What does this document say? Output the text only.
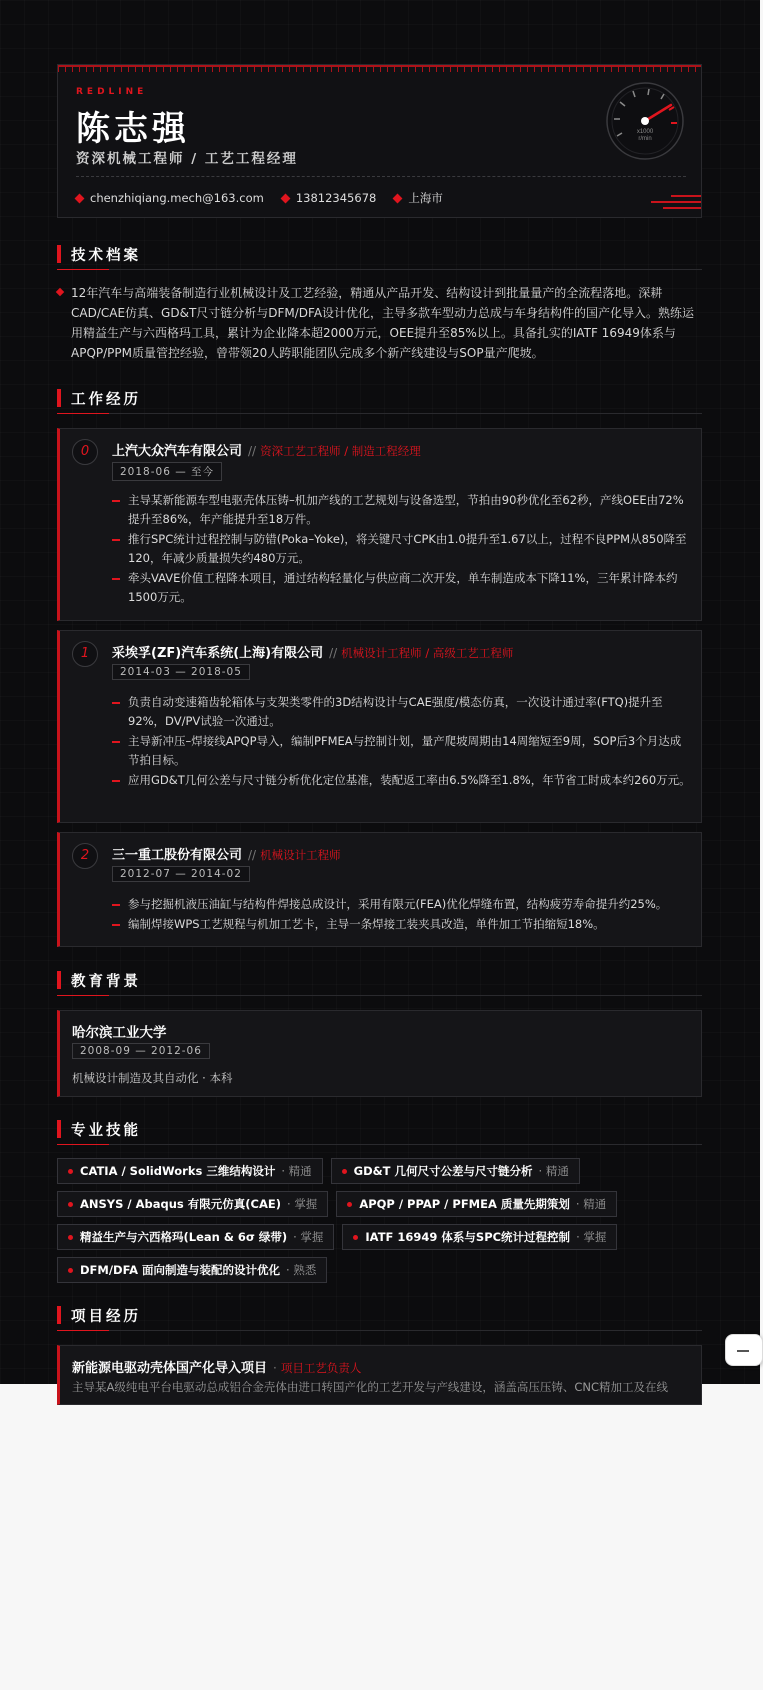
REDLINE
陈志强
资深机械工程师 / 工艺工程经理
chenzhiqiang.mech@163.com	13812345678	上海市
x1000
r/min
技术档案

12年汽车与高端装备制造行业机械设计及工艺经验，精通从产品开发、结构设计到批量量产的全流程落地。深耕CAD/CAE仿真、GD&T尺寸链分析与DFM/DFA设计优化，主导多款车型动力总成与车身结构件的国产化导入。熟练运用精益生产与六西格玛工具，累计为企业降本超2000万元，OEE提升至85%以上。具备扎实的IATF 16949体系与APQP/PPM质量管控经验，曾带领20人跨职能团队完成多个新产线建设与SOP量产爬坡。

工作经历
0	上汽大众汽车有限公司 // 资深工艺工程师 / 制造工程经理
2018-06 — 至今
主导某新能源车型电驱壳体压铸–机加产线的工艺规划与设备选型，节拍由90秒优化至62秒，产线OEE由72%提升至86%，年产能提升至18万件。
推行SPC统计过程控制与防错(Poka–Yoke)，将关键尺寸CPK由1.0提升至1.67以上，过程不良PPM从850降至120，年减少质量损失约480万元。
牵头VAVE价值工程降本项目，通过结构轻量化与供应商二次开发，单车制造成本下降11%，三年累计降本约1500万元。
1	采埃孚(ZF)汽车系统(上海)有限公司 // 机械设计工程师 / 高级工艺工程师
2014-03 — 2018-05
负责自动变速箱齿轮箱体与支架类零件的3D结构设计与CAE强度/模态仿真，一次设计通过率(FTQ)提升至92%，DV/PV试验一次通过。
主导新冲压–焊接线APQP导入，编制PFMEA与控制计划，量产爬坡周期由14周缩短至9周，SOP后3个月达成节拍目标。
应用GD&T几何公差与尺寸链分析优化定位基准，装配返工率由6.5%降至1.8%，年节省工时成本约260万元。
2	三一重工股份有限公司 // 机械设计工程师
2012-07 — 2014-02
参与挖掘机液压油缸与结构件焊接总成设计，采用有限元(FEA)优化焊缝布置，结构疲劳寿命提升约25%。
编制焊接WPS工艺规程与机加工艺卡，主导一条焊接工装夹具改造，单件加工节拍缩短18%。
教育背景
哈尔滨工业大学
2008-09 — 2012-06
机械设计制造及其自动化 · 本科
专业技能
CATIA / SolidWorks 三维结构设计 · 精通	GD&T 几何尺寸公差与尺寸链分析 · 精通
ANSYS / Abaqus 有限元仿真(CAE) · 掌握	APQP / PPAP / PFMEA 质量先期策划 · 精通
精益生产与六西格玛(Lean & 6σ 绿带) · 掌握	IATF 16949 体系与SPC统计过程控制 · 掌握
DFM/DFA 面向制造与装配的设计优化 · 熟悉
项目经历
新能源电驱动壳体国产化导入项目 · 项目工艺负责人
主导某A级纯电平台电驱动总成铝合金壳体由进口转国产化的工艺开发与产线建设，涵盖高压压铸、CNC精加工及在线
